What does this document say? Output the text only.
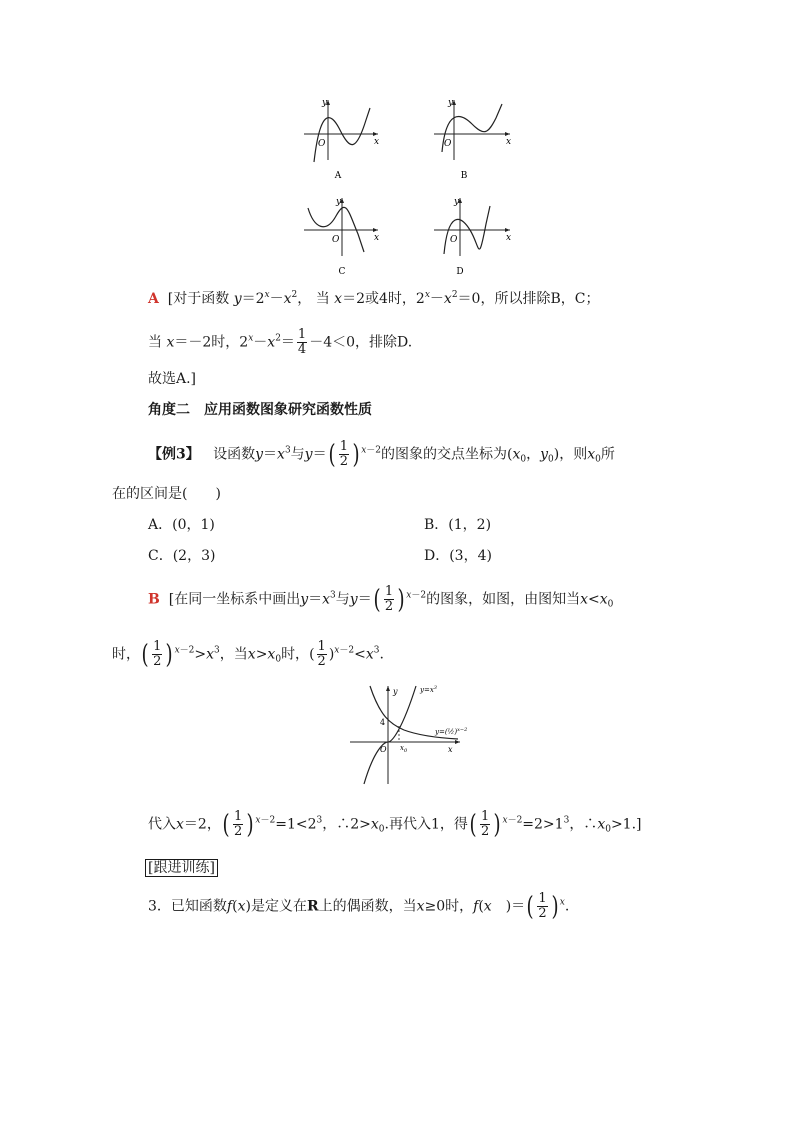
y
x
O
A
y
x
O
B
y
x
O
C
y
x
O
D
A [对于函数 $y=2^x-x^2$， 当 x＝2或4时，$2^x-x^2=0$，所以排除B，C；
当 x＝－2时，$2^x-x^2= \frac{1}{4} -4<0$，排除D.
故选A.]
角度二　应用函数图象研究函数性质
【例3】 设函数$y=x^3$与$y=( \frac{1}{2}$ ) $^{x-2}$的图象的交点坐标为($x_0$，$y_0$)，则$x_0$所
在的区间是(　　)
A．(0，1)	B．(1，2)
C．(2，3)	D．(3，4)
B [在同一坐标系中画出$y=x^3$与$y=( \frac{1}{2}$ ) $^{x-2}$的图象，如图，由图知当$x<x_0$
时，( $\frac{1}{2}$ ) $^{x-2}>x^3$，当$x>x_0$时，( $\frac{1}{2} )^{x-2}<x^3$.
y
x
O
4
$x_0$
$y=x^3$
y=(½)$^{x-2}$
代入x＝2，( $\frac{1}{2}$ ) $^{x-2}=1<2^3$，$\therefore 2>x_0$.再代入1，得( $\frac{1}{2}$ ) $^{x-2}=2>1^3$，$\therefore x_0>1$.]
[跟进训练]
3．已知函数f(x)是定义在R上的偶函数，当x≥0时，f(x　)＝( $\frac{1}{2}$ ) $^x$.
